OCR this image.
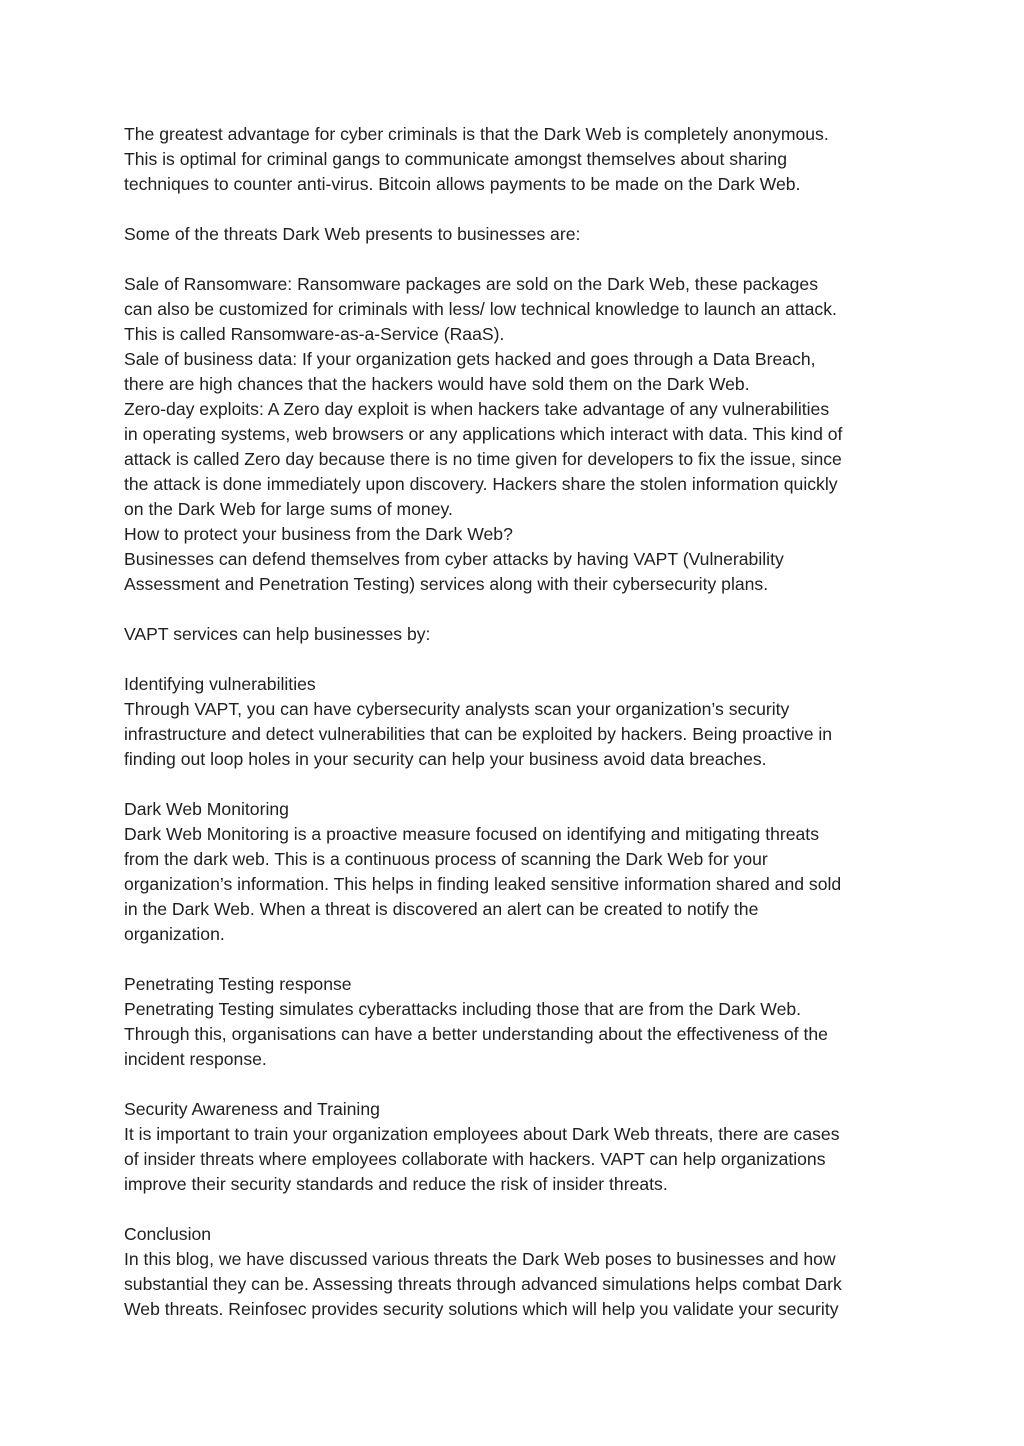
The greatest advantage for cyber criminals is that the Dark Web is completely anonymous.
This is optimal for criminal gangs to communicate amongst themselves about sharing
techniques to counter anti-virus. Bitcoin allows payments to be made on the Dark Web.
Some of the threats Dark Web presents to businesses are:
Sale of Ransomware: Ransomware packages are sold on the Dark Web, these packages
can also be customized for criminals with less/ low technical knowledge to launch an attack.
This is called Ransomware-as-a-Service (RaaS).
Sale of business data: If your organization gets hacked and goes through a Data Breach,
there are high chances that the hackers would have sold them on the Dark Web.
Zero-day exploits: A Zero day exploit is when hackers take advantage of any vulnerabilities
in operating systems, web browsers or any applications which interact with data. This kind of
attack is called Zero day because there is no time given for developers to fix the issue, since
the attack is done immediately upon discovery. Hackers share the stolen information quickly
on the Dark Web for large sums of money.
How to protect your business from the Dark Web?
Businesses can defend themselves from cyber attacks by having VAPT (Vulnerability
Assessment and Penetration Testing) services along with their cybersecurity plans.
VAPT services can help businesses by:
Identifying vulnerabilities
Through VAPT, you can have cybersecurity analysts scan your organization’s security
infrastructure and detect vulnerabilities that can be exploited by hackers. Being proactive in
finding out loop holes in your security can help your business avoid data breaches.
Dark Web Monitoring
Dark Web Monitoring is a proactive measure focused on identifying and mitigating threats
from the dark web. This is a continuous process of scanning the Dark Web for your
organization’s information. This helps in finding leaked sensitive information shared and sold
in the Dark Web. When a threat is discovered an alert can be created to notify the
organization.
Penetrating Testing response
Penetrating Testing simulates cyberattacks including those that are from the Dark Web.
Through this, organisations can have a better understanding about the effectiveness of the
incident response.
Security Awareness and Training
It is important to train your organization employees about Dark Web threats, there are cases
of insider threats where employees collaborate with hackers. VAPT can help organizations
improve their security standards and reduce the risk of insider threats.
Conclusion
In this blog, we have discussed various threats the Dark Web poses to businesses and how
substantial they can be. Assessing threats through advanced simulations helps combat Dark
Web threats. Reinfosec provides security solutions which will help you validate your security
